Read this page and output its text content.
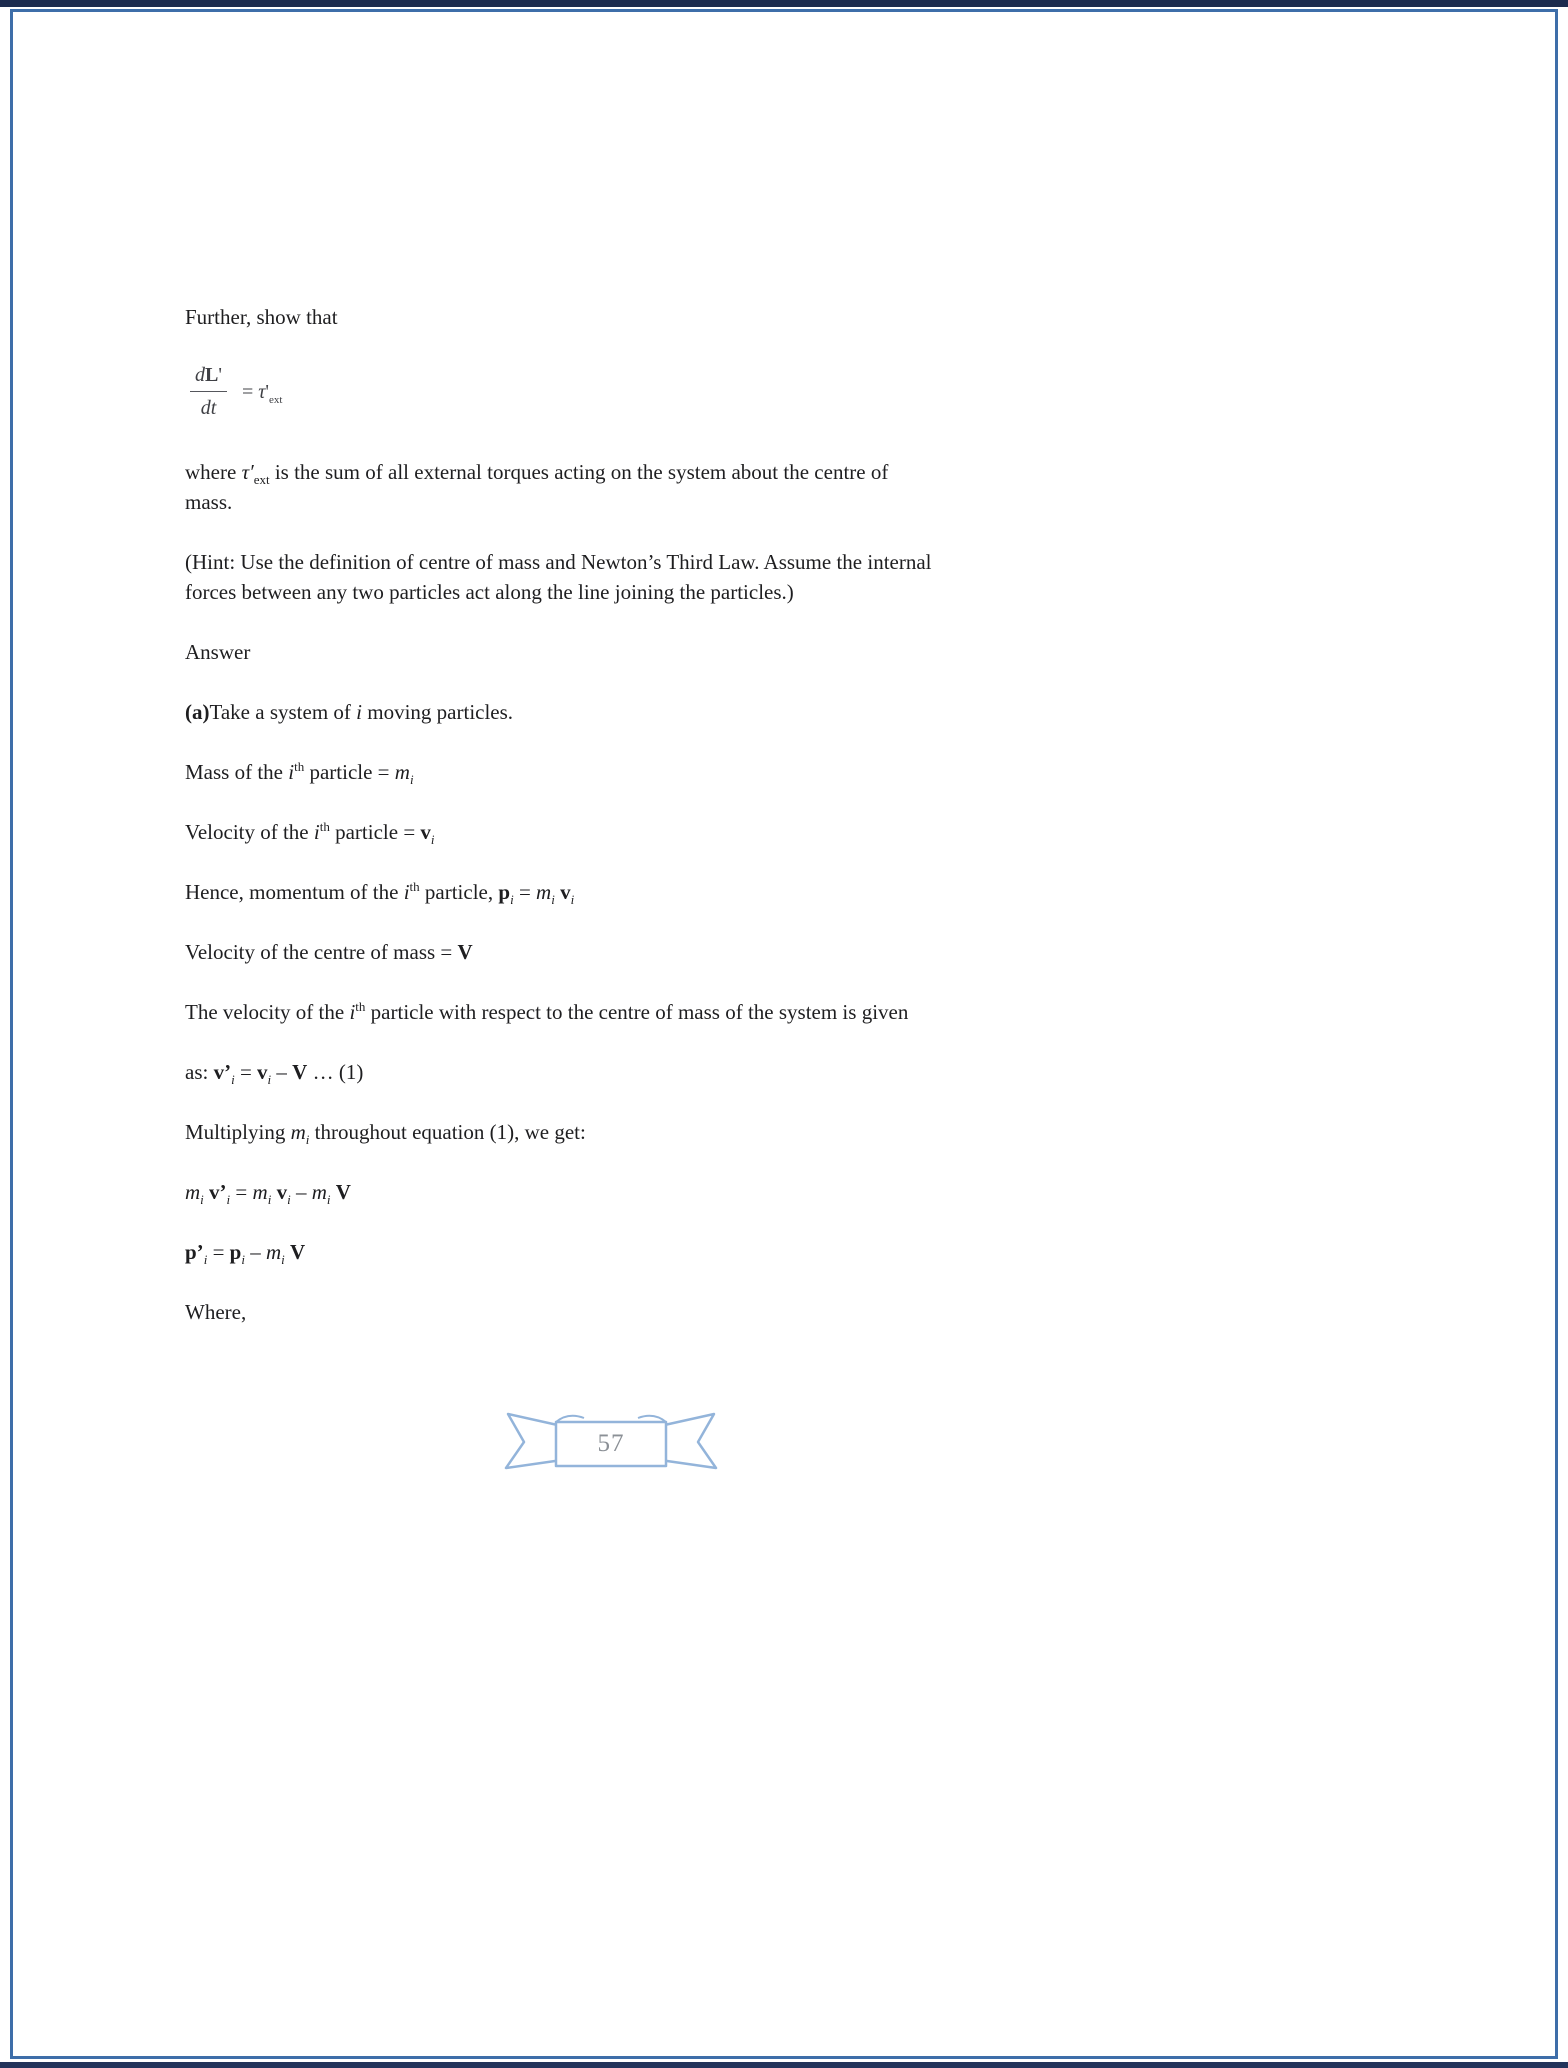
Further, show that

$\frac{dL'}{dt} = \tau'_{ext}$

where $\tau'_{ext}$ is the sum of all external torques acting on the system about the centre of
mass.

(Hint: Use the definition of centre of mass and Newton’s Third Law. Assume the internal
forces between any two particles act along the line joining the particles.)

Answer

(a)Take a system of i moving particles.

Mass of the $i^{th}$ particle = $m_i$

Velocity of the $i^{th}$ particle = $v_i$

Hence, momentum of the $i^{th}$ particle, $p_i = m_i$ $v_i$

Velocity of the centre of mass = V

The velocity of the $i^{th}$ particle with respect to the centre of mass of the system is given

as: $v’_i = v_i - V$ … (1)

Multiplying $m_i$ throughout equation (1), we get:

$m_i$ $v’_i = m_i$ $v_i - m_i$ V

$p’_i = p_i - m_i$ V

Where,

57
